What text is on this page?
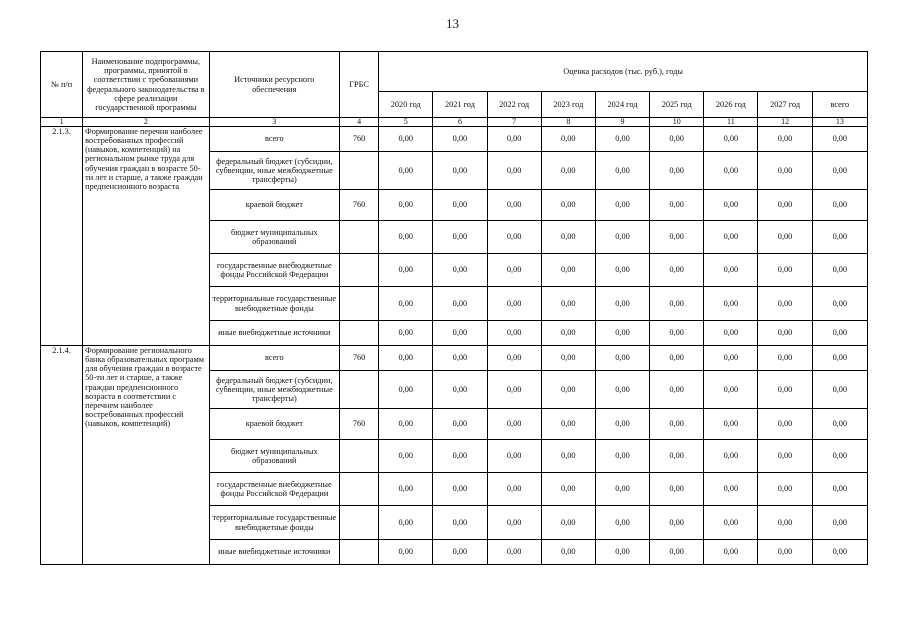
13
№ п/п	Наименование подпрограммы, программы, принятой в соответствии с требованиями федерального законодательства в сфере реализации государственной программы	Источники ресурсного обеспечения	ГРБС	Оценка расходов (тыс. руб.), годы								
				2020 год	2021 год	2022 год	2023 год	2024 год	2025 год	2026 год	2027 год	всего
1	2	3	4	5	6	7	8	9	10	11	12	13
2.1.3.	Формирование перечня наиболее востребованных профессий (навыков, компетенций) на региональном рынке труда для обучения граждан в возрасте 50-ти лет и старше, а также граждан предпенсионного возраста	всего	760	0,00	0,00	0,00	0,00	0,00	0,00	0,00	0,00	0,00
		федеральный бюджет (субсидии, субвенции, иные межбюджетные трансферты)		0,00	0,00	0,00	0,00	0,00	0,00	0,00	0,00	0,00
		краевой бюджет	760	0,00	0,00	0,00	0,00	0,00	0,00	0,00	0,00	0,00
		бюджет муниципальных образований		0,00	0,00	0,00	0,00	0,00	0,00	0,00	0,00	0,00
		государственные внебюджетные фонды Российской Федерации		0,00	0,00	0,00	0,00	0,00	0,00	0,00	0,00	0,00
		территориальные государственные внебюджетные фонды		0,00	0,00	0,00	0,00	0,00	0,00	0,00	0,00	0,00
		иные внебюджетные источники		0,00	0,00	0,00	0,00	0,00	0,00	0,00	0,00	0,00
2.1.4.	Формирование регионального банка образовательных программ для обучения граждан в возрасте 50-ти лет и старше, а также граждан предпенсионного возраста в соответствии с перечнем наиболее востребованных профессий (навыков, компетенций)	всего	760	0,00	0,00	0,00	0,00	0,00	0,00	0,00	0,00	0,00
		федеральный бюджет (субсидии, субвенции, иные межбюджетные трансферты)		0,00	0,00	0,00	0,00	0,00	0,00	0,00	0,00	0,00
		краевой бюджет	760	0,00	0,00	0,00	0,00	0,00	0,00	0,00	0,00	0,00
		бюджет муниципальных образований		0,00	0,00	0,00	0,00	0,00	0,00	0,00	0,00	0,00
		государственные внебюджетные фонды Российской Федерации		0,00	0,00	0,00	0,00	0,00	0,00	0,00	0,00	0,00
		территориальные государственные внебюджетные фонды		0,00	0,00	0,00	0,00	0,00	0,00	0,00	0,00	0,00
		иные внебюджетные источники		0,00	0,00	0,00	0,00	0,00	0,00	0,00	0,00	0,00
